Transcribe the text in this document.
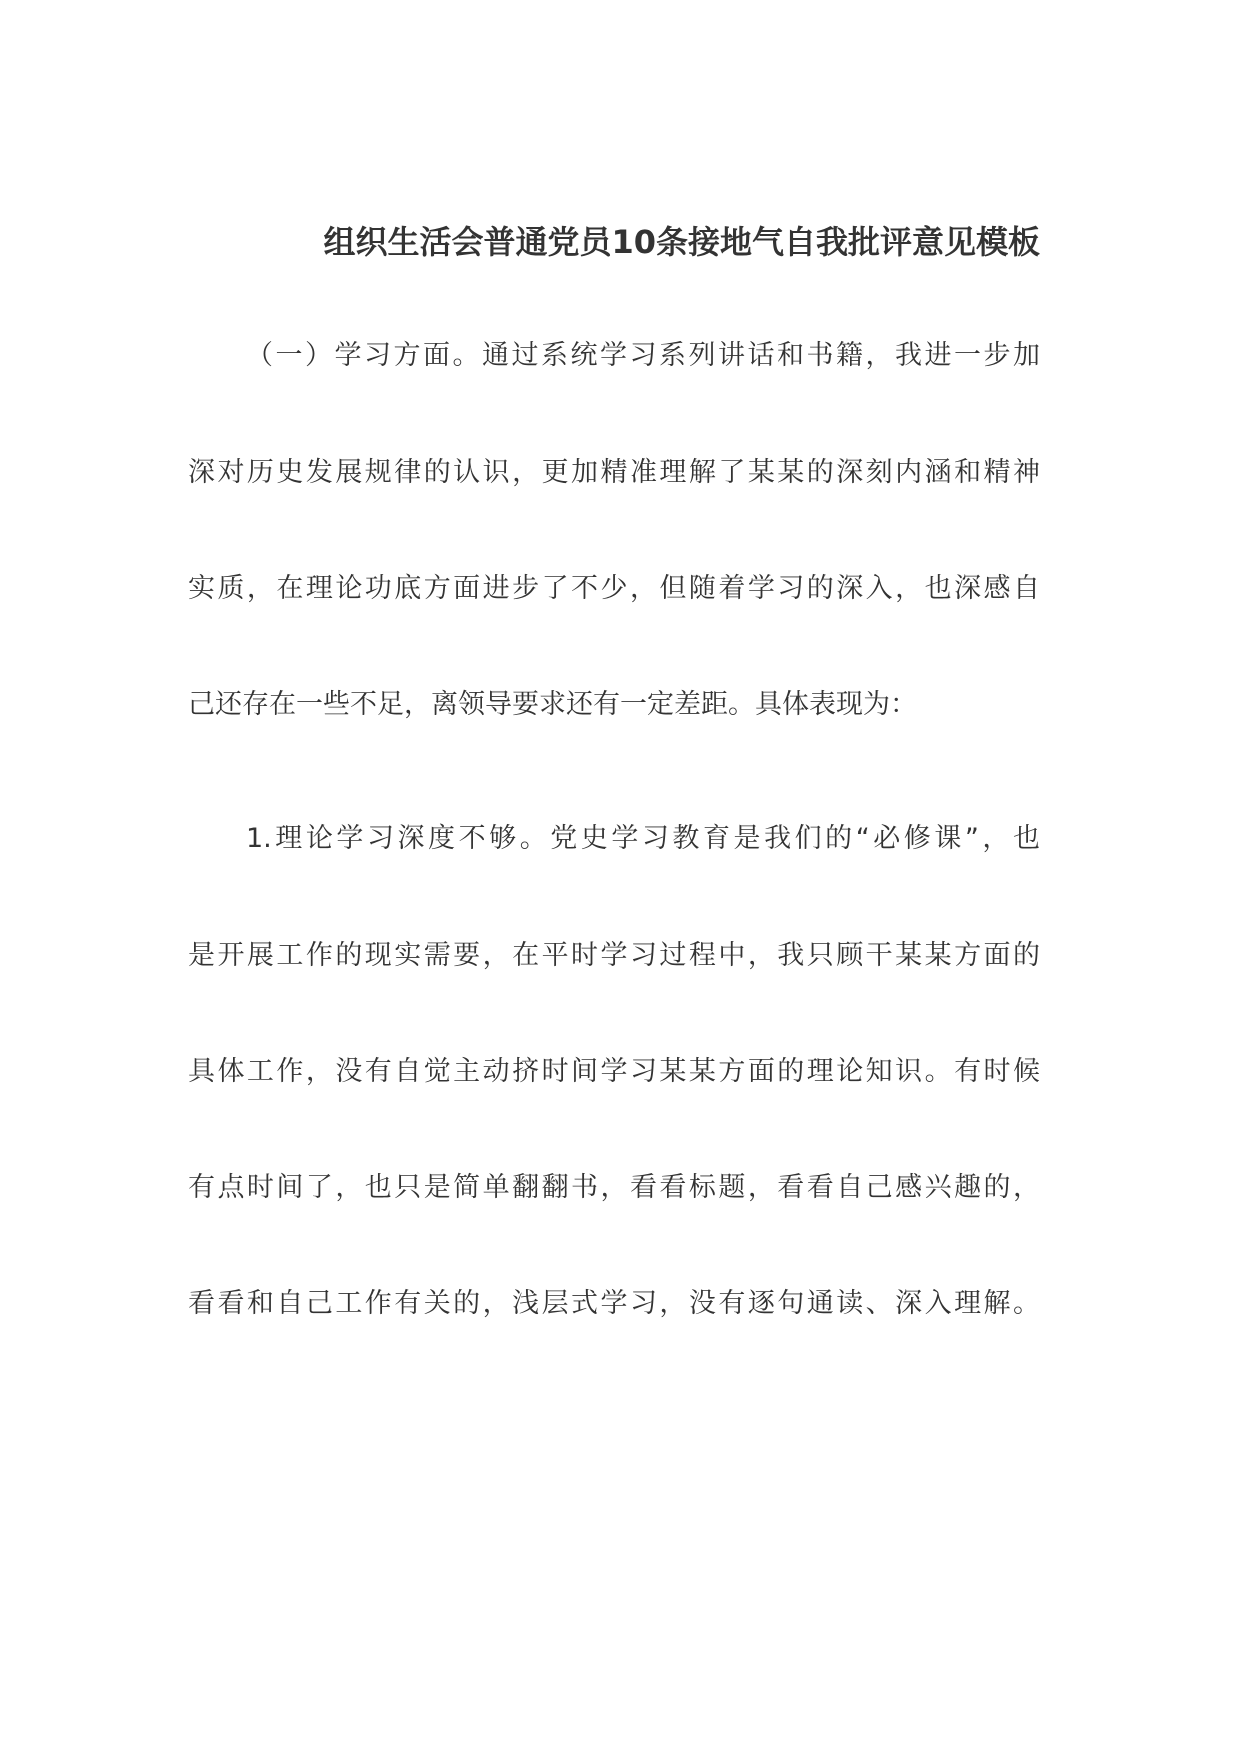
组织生活会普通党员10条接地气自我批评意见模板

（一）学习方面。通过系统学习系列讲话和书籍，我进一步加

深对历史发展规律的认识，更加精准理解了某某的深刻内涵和精神

实质，在理论功底方面进步了不少，但随着学习的深入，也深感自

己还存在一些不足，离领导要求还有一定差距。具体表现为：

1.理论学习深度不够。党史学习教育是我们的“必修课”，也

是开展工作的现实需要，在平时学习过程中，我只顾干某某方面的

具体工作，没有自觉主动挤时间学习某某方面的理论知识。有时候

有点时间了，也只是简单翻翻书，看看标题，看看自己感兴趣的，

看看和自己工作有关的，浅层式学习，没有逐句通读、深入理解。
